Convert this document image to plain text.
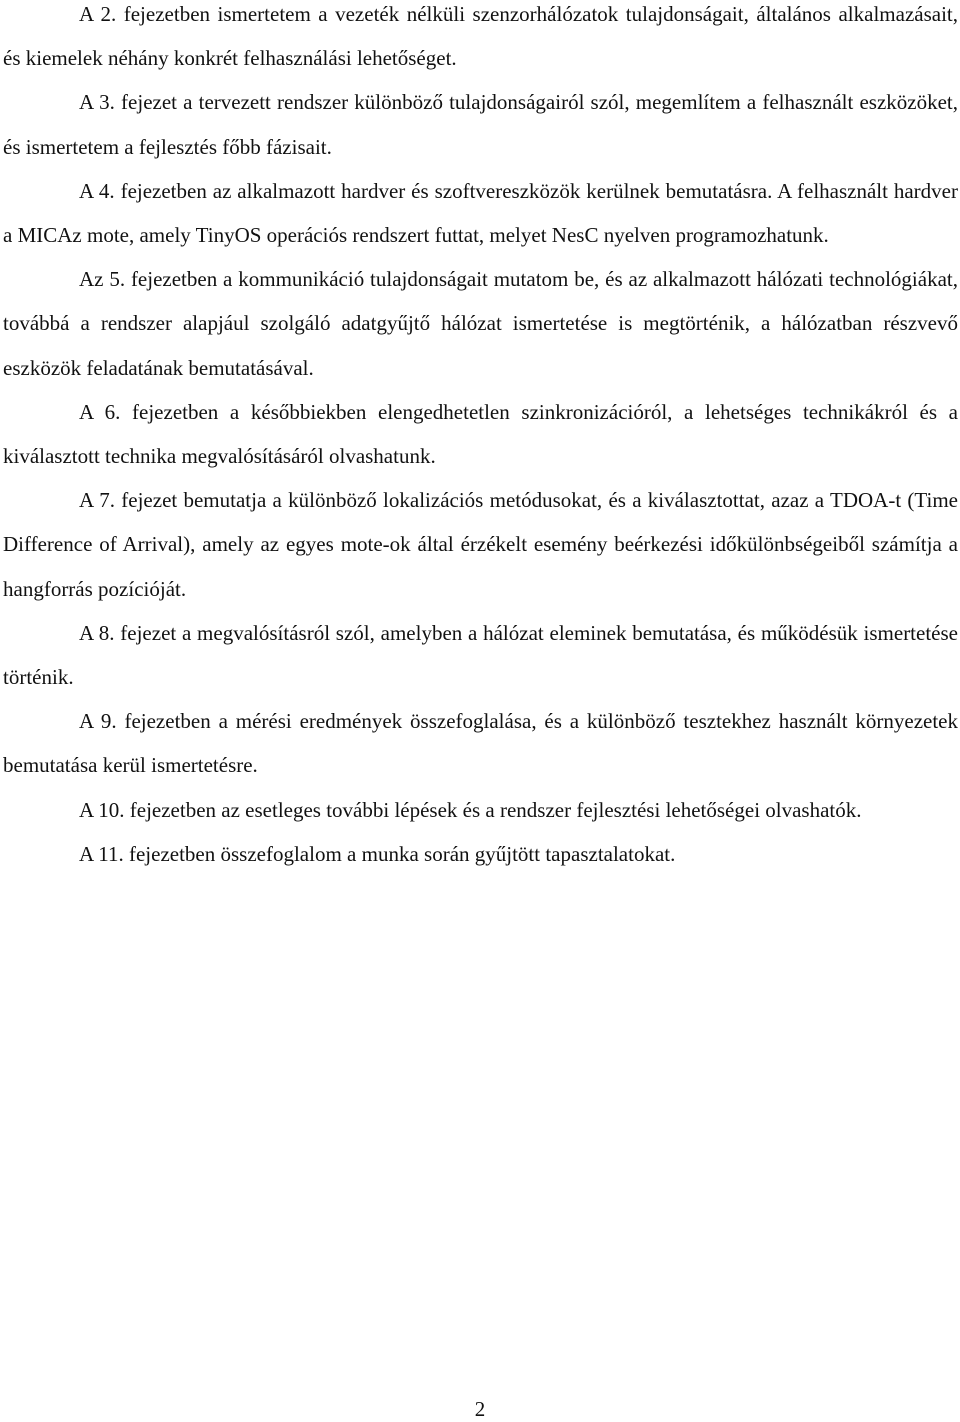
A 2. fejezetben ismertetem a vezeték nélküli szenzorhálózatok tulajdonságait, általános alkalmazásait, és kiemelek néhány konkrét felhasználási lehetőséget.

A 3. fejezet a tervezett rendszer különböző tulajdonságairól szól, megemlítem a felhasznált eszközöket, és ismertetem a fejlesztés főbb fázisait.

A 4. fejezetben az alkalmazott hardver és szoftvereszközök kerülnek bemutatásra. A felhasznált hardver a MICAz mote, amely TinyOS operációs rendszert futtat, melyet NesC nyelven programozhatunk.

Az 5. fejezetben a kommunikáció tulajdonságait mutatom be, és az alkalmazott hálózati technológiákat, továbbá a rendszer alapjául szolgáló adatgyűjtő hálózat ismertetése is megtörténik, a hálózatban részvevő eszközök feladatának bemutatásával.

A 6. fejezetben a későbbiekben elengedhetetlen szinkronizációról, a lehetséges technikákról és a kiválasztott technika megvalósításáról olvashatunk.

A 7. fejezet bemutatja a különböző lokalizációs metódusokat, és a kiválasztottat, azaz a TDOA-t (Time Difference of Arrival), amely az egyes mote-ok által érzékelt esemény beérkezési időkülönbségeiből számítja a hangforrás pozícióját.

A 8. fejezet a megvalósításról szól, amelyben a hálózat eleminek bemutatása, és működésük ismertetése történik.

A 9. fejezetben a mérési eredmények összefoglalása, és a különböző tesztekhez használt környezetek bemutatása kerül ismertetésre.

A 10. fejezetben az esetleges további lépések és a rendszer fejlesztési lehetőségei olvashatók.

A 11. fejezetben összefoglalom a munka során gyűjtött tapasztalatokat.

2
